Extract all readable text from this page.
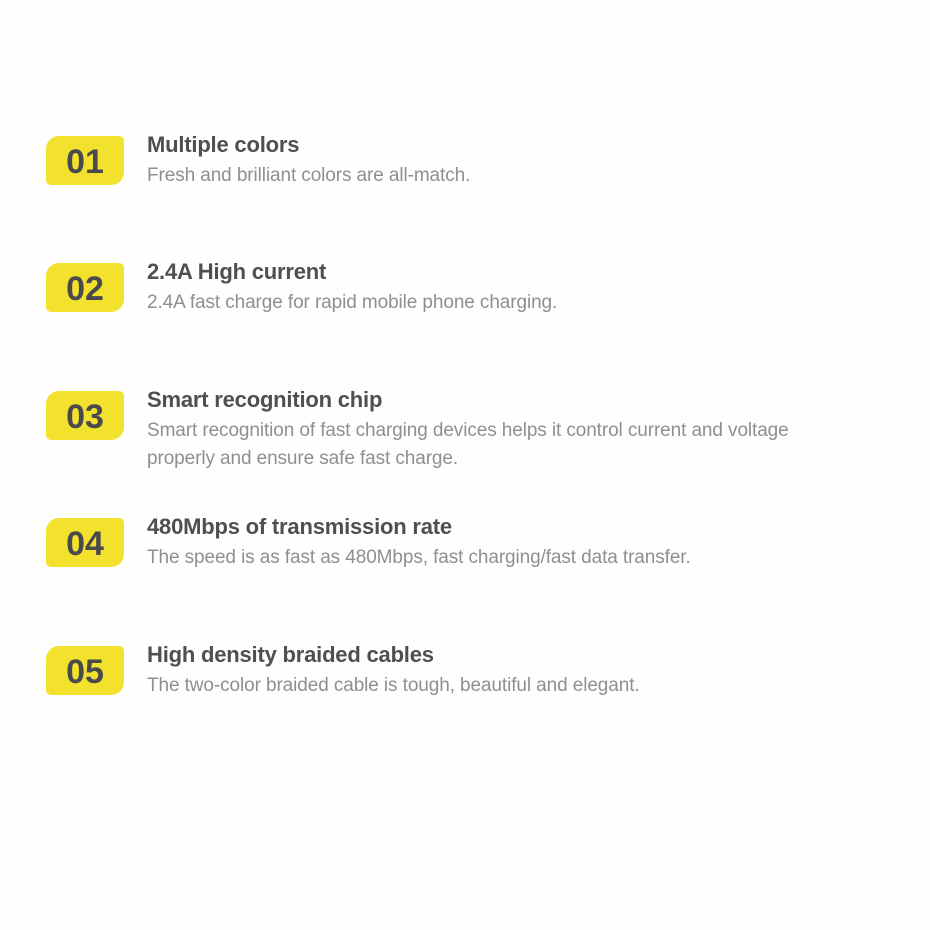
01 Multiple colors

Fresh and brilliant colors are all-match.

02 2.4A High current

2.4A fast charge for rapid mobile phone charging.

03 Smart recognition chip

Smart recognition of fast charging devices helps it control current and voltage properly and ensure safe fast charge.

04 480Mbps of transmission rate

The speed is as fast as 480Mbps, fast charging/fast data transfer.

05 High density braided cables

The two-color braided cable is tough, beautiful and elegant.
